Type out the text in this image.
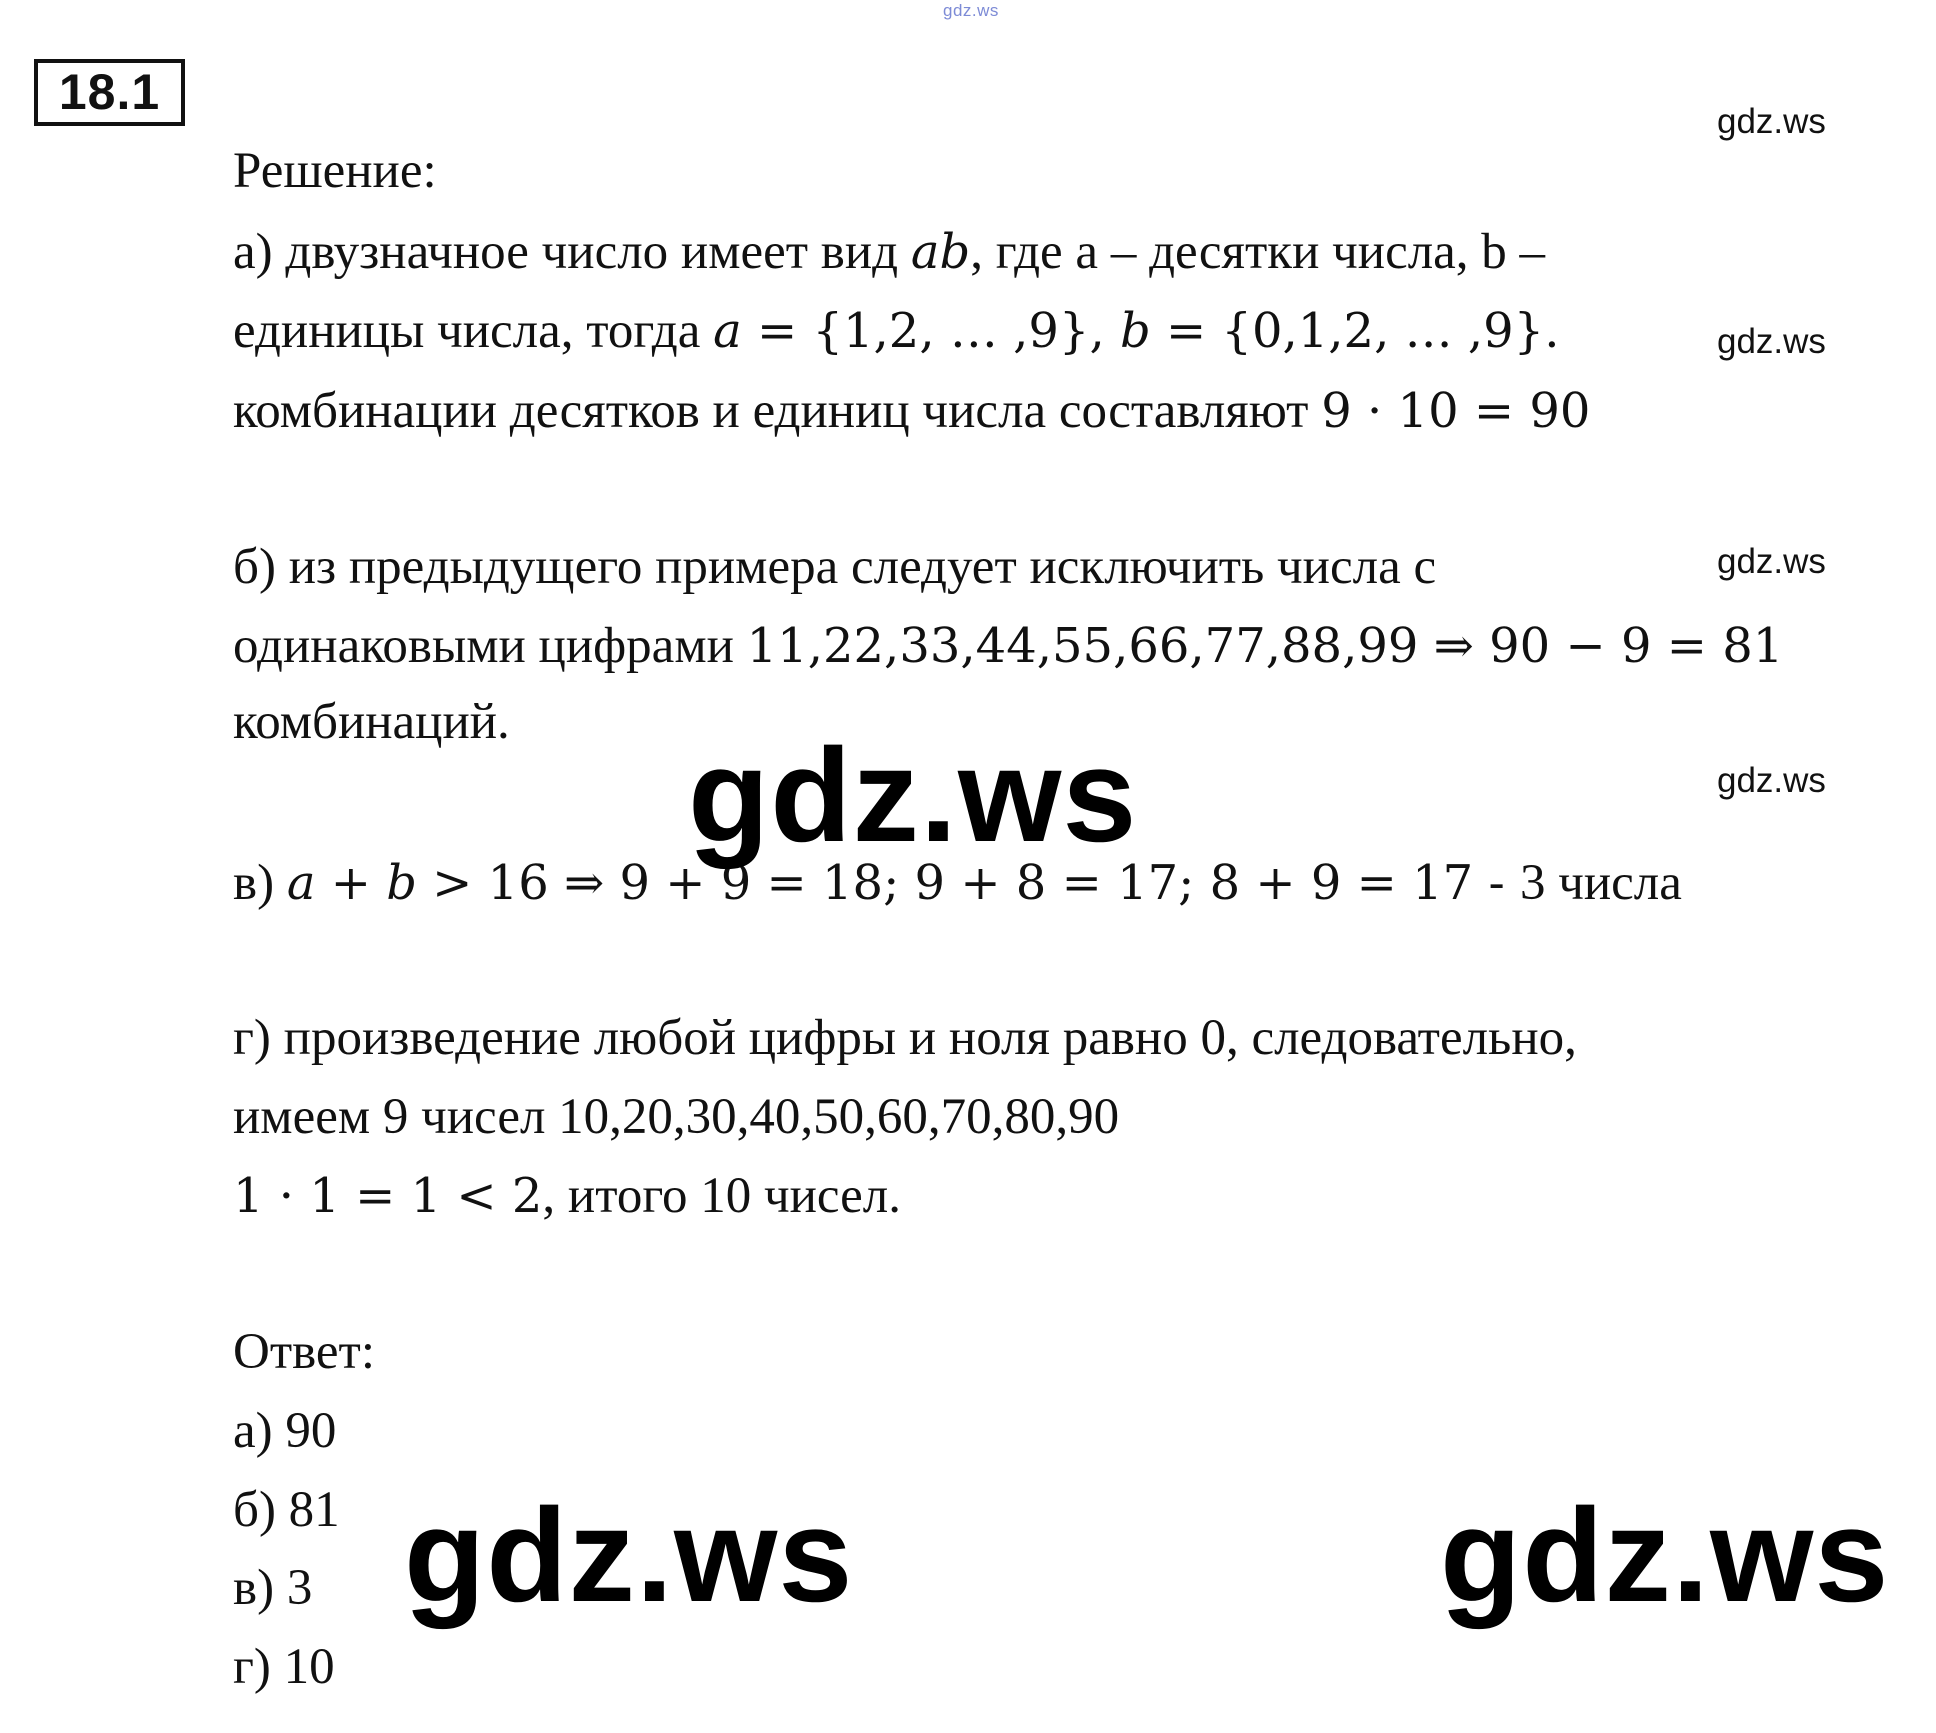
gdz.ws
18.1
gdz.ws
gdz.ws
gdz.ws
gdz.ws
Решение:
а) двузначное число имеет вид ab, где a – десятки числа, b –
единицы числа, тогда a = {1,2, … ,9}, b = {0,1,2, … ,9}.
комбинации десятков и единиц числа составляют 9 · 10 = 90
б) из предыдущего примера следует исключить числа с
одинаковыми цифрами 11,22,33,44,55,66,77,88,99 ⇒ 90 − 9 = 81
комбинаций.
в) a + b > 16 ⇒ 9 + 9 = 18; 9 + 8 = 17; 8 + 9 = 17 - 3 числа
г) произведение любой цифры и ноля равно 0, следовательно,
имеем 9 чисел 10,20,30,40,50,60,70,80,90
1 · 1 = 1 < 2, итого 10 чисел.
Ответ:
а) 90
б) 81
в) 3
г) 10
gdz.ws
gdz.ws	gdz.ws
